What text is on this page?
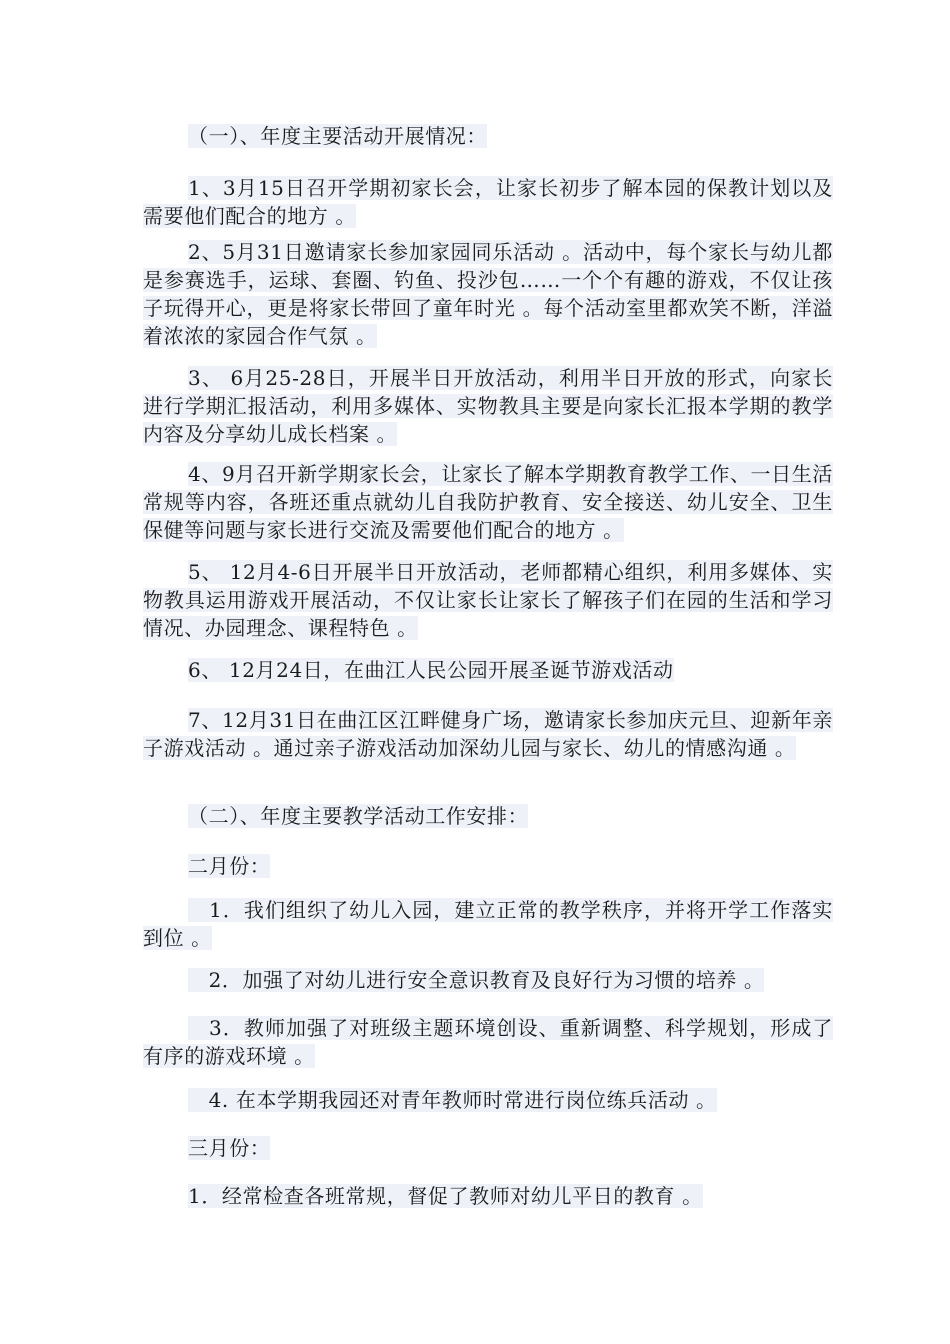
（一）、年度主要活动开展情况：

1、3月15日召开学期初家长会，让家长初步了解本园的保教计划以及需要他们配合的地方 。

2、5月31日邀请家长参加家园同乐活动 。活动中，每个家长与幼儿都是参赛选手，运球、套圈、钓鱼、投沙包……一个个有趣的游戏，不仅让孩子玩得开心，更是将家长带回了童年时光 。每个活动室里都欢笑不断，洋溢着浓浓的家园合作气氛 。

3、 6月25-28日，开展半日开放活动，利用半日开放的形式，向家长进行学期汇报活动，利用多媒体、实物教具主要是向家长汇报本学期的教学内容及分享幼儿成长档案 。

4、9月召开新学期家长会，让家长了解本学期教育教学工作、一日生活常规等内容，各班还重点就幼儿自我防护教育、安全接送、幼儿安全、卫生保健等问题与家长进行交流及需要他们配合的地方 。

5、 12月4-6日开展半日开放活动，老师都精心组织，利用多媒体、实物教具运用游戏开展活动，不仅让家长让家长了解孩子们在园的生活和学习情况、办园理念、课程特色 。

6、 12月24日，在曲江人民公园开展圣诞节游戏活动

7、12月31日在曲江区江畔健身广场，邀请家长参加庆元旦、迎新年亲子游戏活动 。通过亲子游戏活动加深幼儿园与家长、幼儿的情感沟通 。

（二）、年度主要教学活动工作安排：

二月份：

　1．我们组织了幼儿入园，建立正常的教学秩序，并将开学工作落实到位 。

　2．加强了对幼儿进行安全意识教育及良好行为习惯的培养 。

　3．教师加强了对班级主题环境创设、重新调整、科学规划，形成了有序的游戏环境 。

　4. 在本学期我园还对青年教师时常进行岗位练兵活动 。

三月份：

1．经常检查各班常规，督促了教师对幼儿平日的教育 。
